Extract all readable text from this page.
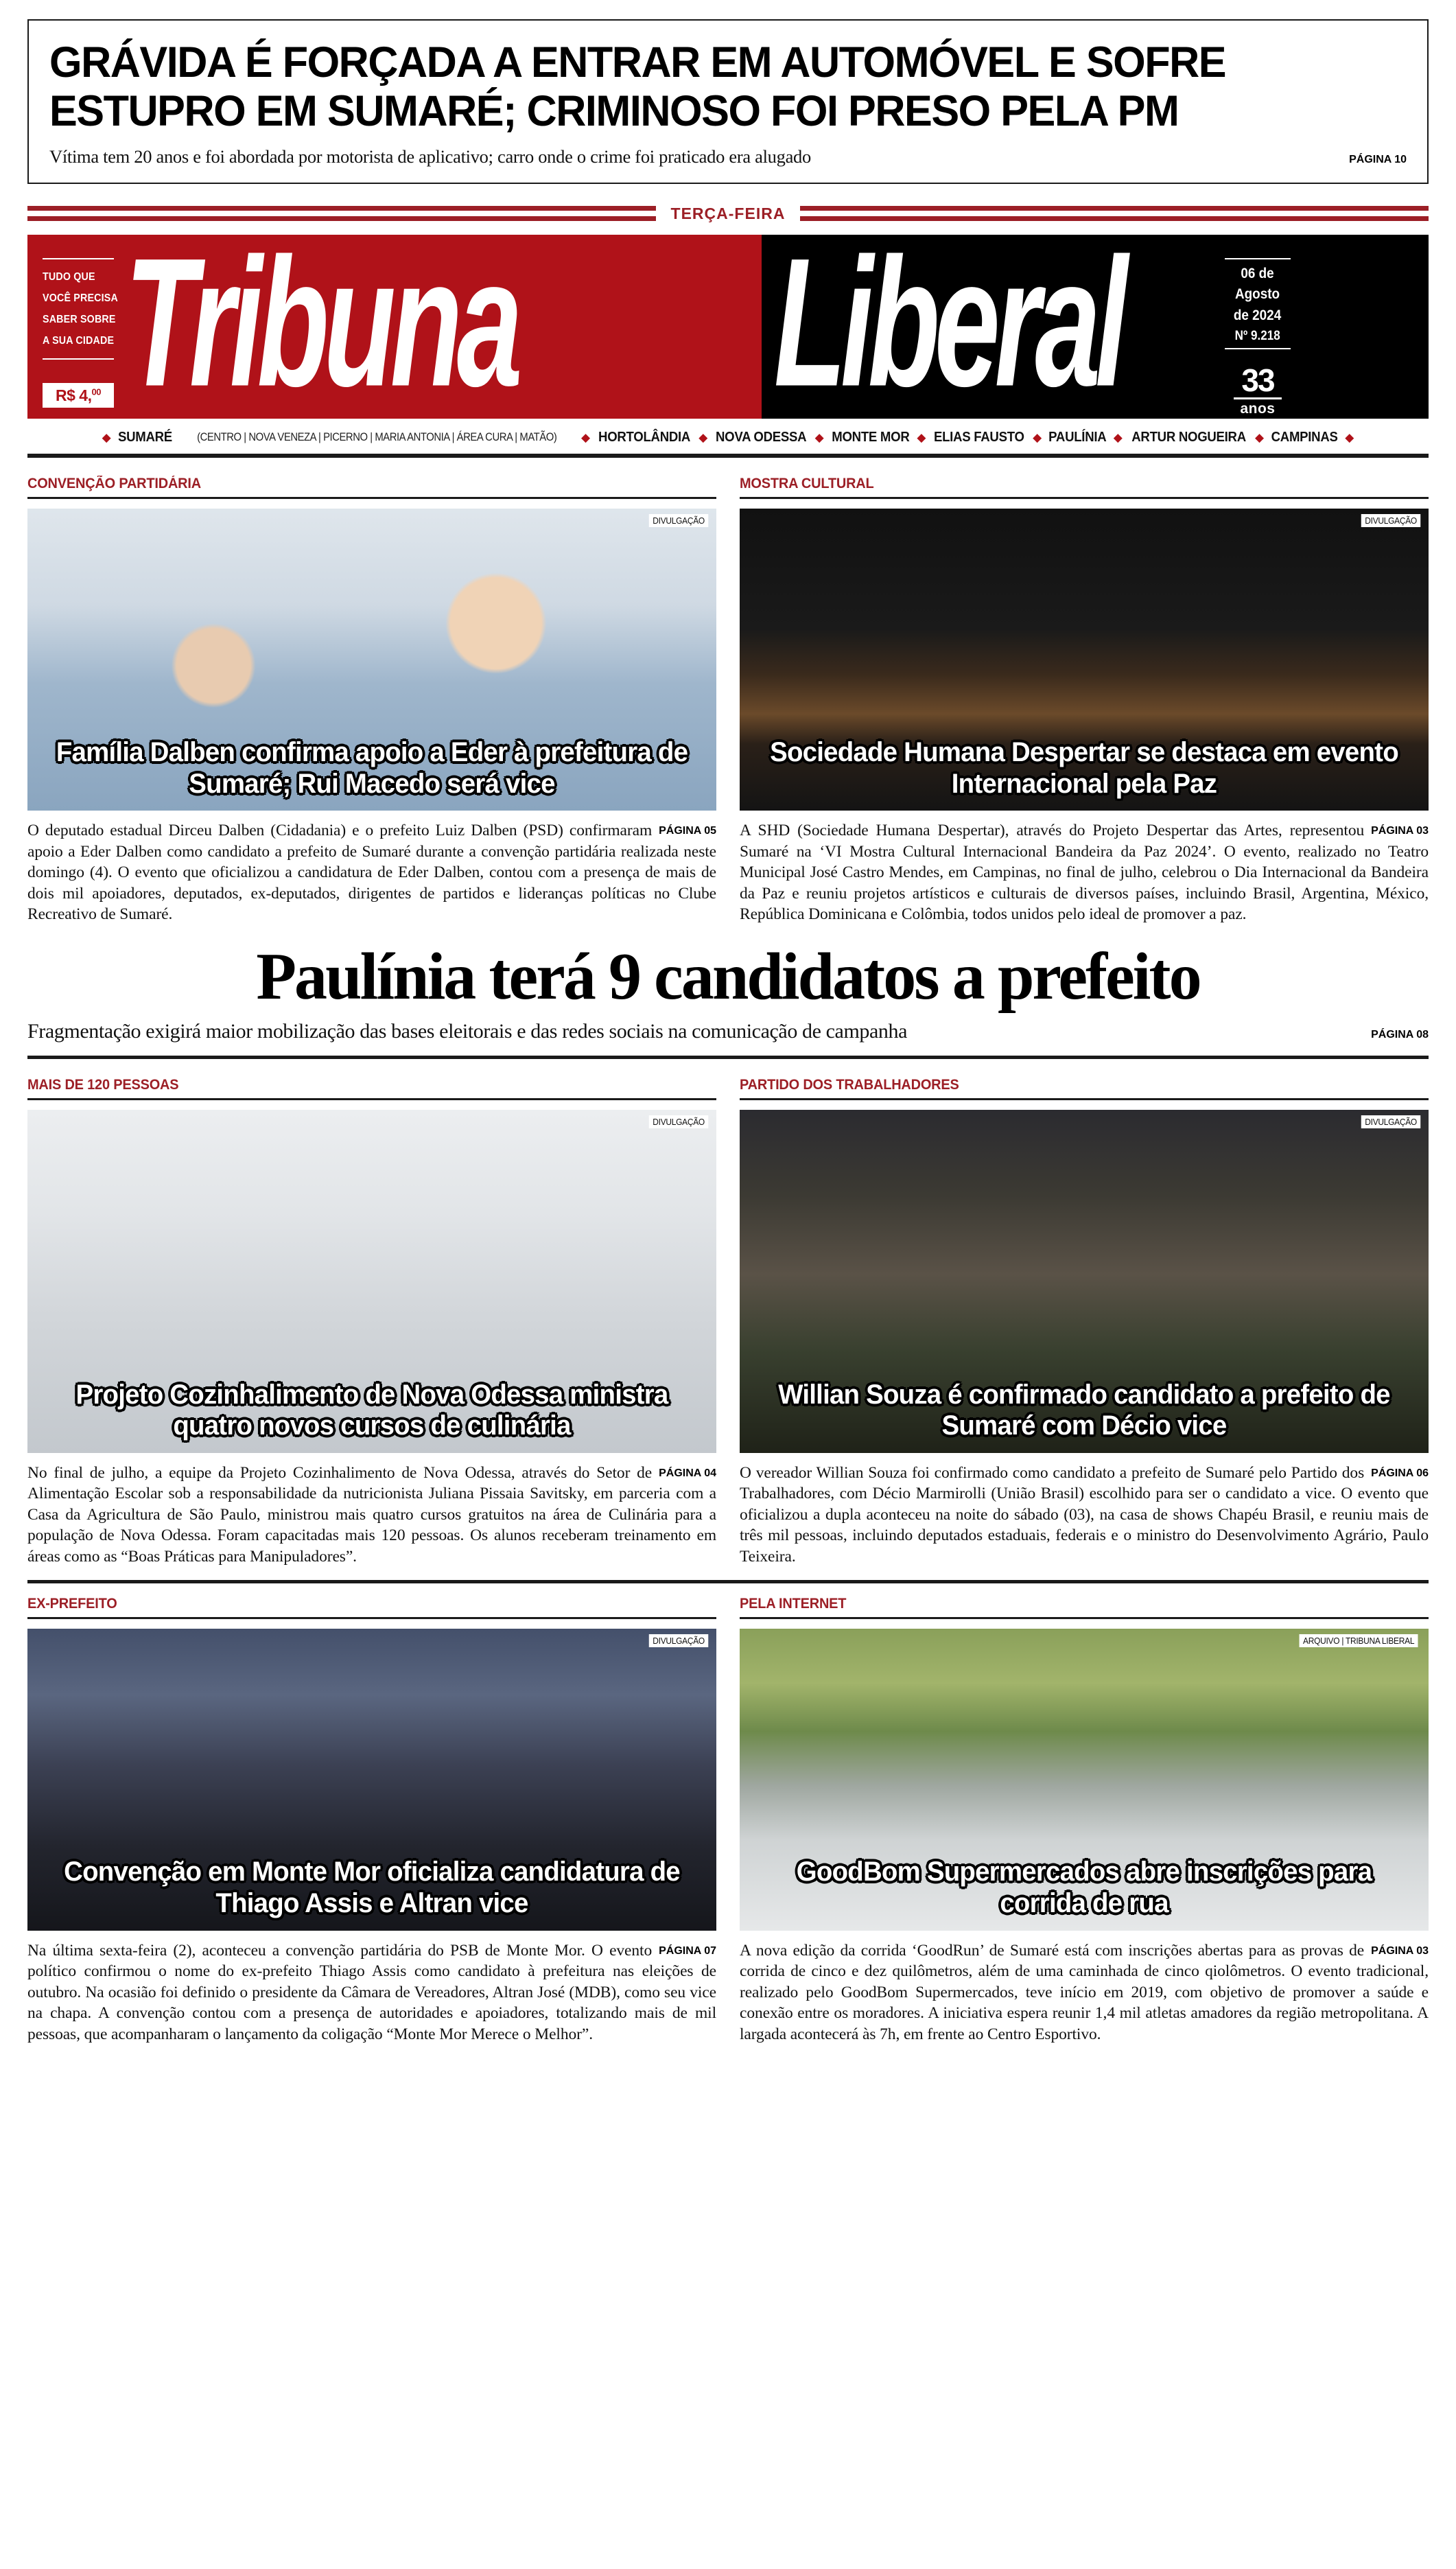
GRÁVIDA É FORÇADA A ENTRAR EM AUTOMÓVEL E SOFRE
ESTUPRO EM SUMARÉ; CRIMINOSO FOI PRESO PELA PM
Vítima tem 20 anos e foi abordada por motorista de aplicativo; carro onde o crime foi praticado era alugado	PÁGINA 10
TERÇA-FEIRA
TUDO QUE
VOCÊ PRECISA
SABER SOBRE
A SUA CIDADE
R$ 4,00 Tribuna	Liberal	06 de
Agosto
de 2024
Nº 9.218
33
anos
◆ SUMARÉ (CENTRO | NOVA VENEZA | PICERNO | MARIA ANTONIA | ÁREA CURA | MATÃO) ◆ HORTOLÂNDIA ◆ NOVA ODESSA ◆ MONTE MOR ◆ ELIAS FAUSTO ◆ PAULÍNIA ◆ ARTUR NOGUEIRA ◆ CAMPINAS ◆
CONVENÇÃO PARTIDÁRIA
DIVULGAÇÃO
Família Dalben confirma apoio a Eder à prefeitura de Sumaré; Rui Macedo será vice
PÁGINA 05
O deputado estadual Dirceu Dalben (Cidadania) e o prefeito Luiz Dalben (PSD) confirmaram apoio a Eder Dalben como candidato a prefeito de Sumaré durante a convenção partidária realizada neste domingo (4). O evento que oficializou a candidatura de Eder Dalben, contou com a presença de mais de dois mil apoiadores, deputados, ex-deputados, dirigentes de partidos e lideranças políticas no Clube Recreativo de Sumaré.
MOSTRA CULTURAL
DIVULGAÇÃO
Sociedade Humana Despertar se destaca em evento Internacional pela Paz
PÁGINA 03
A SHD (Sociedade Humana Despertar), através do Projeto Despertar das Artes, representou Sumaré na ‘VI Mostra Cultural Internacional Bandeira da Paz 2024’. O evento, realizado no Teatro Municipal José Castro Mendes, em Campinas, no final de julho, celebrou o Dia Internacional da Bandeira da Paz e reuniu projetos artísticos e culturais de diversos países, incluindo Brasil, Argentina, México, República Dominicana e Colômbia, todos unidos pelo ideal de promover a paz.
Paulínia terá 9 candidatos a prefeito
Fragmentação exigirá maior mobilização das bases eleitorais e das redes sociais na comunicação de campanha	PÁGINA 08
MAIS DE 120 PESSOAS
DIVULGAÇÃO
Projeto Cozinhalimento de Nova Odessa ministra quatro novos cursos de culinária
PÁGINA 04
No final de julho, a equipe da Projeto Cozinhalimento de Nova Odessa, através do Setor de Alimentação Escolar sob a responsabilidade da nutricionista Juliana Pissaia Savitsky, em parceria com a Casa da Agricultura de São Paulo, ministrou mais quatro cursos gratuitos na área de Culinária para a população de Nova Odessa. Foram capacitadas mais 120 pessoas. Os alunos receberam treinamento em áreas como as “Boas Práticas para Manipuladores”.
PARTIDO DOS TRABALHADORES
DIVULGAÇÃO
Willian Souza é confirmado candidato a prefeito de Sumaré com Décio vice
PÁGINA 06
O vereador Willian Souza foi confirmado como candidato a prefeito de Sumaré pelo Partido dos Trabalhadores, com Décio Marmirolli (União Brasil) escolhido para ser o candidato a vice. O evento que oficializou a dupla aconteceu na noite do sábado (03), na casa de shows Chapéu Brasil, e reuniu mais de três mil pessoas, incluindo deputados estaduais, federais e o ministro do Desenvolvimento Agrário, Paulo Teixeira.
EX-PREFEITO
DIVULGAÇÃO
Convenção em Monte Mor oficializa candidatura de Thiago Assis e Altran vice
PÁGINA 07
Na última sexta-feira (2), aconteceu a convenção partidária do PSB de Monte Mor. O evento político confirmou o nome do ex-prefeito Thiago Assis como candidato à prefeitura nas eleições de outubro. Na ocasião foi definido o presidente da Câmara de Vereadores, Altran José (MDB), como seu vice na chapa. A convenção contou com a presença de autoridades e apoiadores, totalizando mais de mil pessoas, que acompanharam o lançamento da coligação “Monte Mor Merece o Melhor”.
PELA INTERNET
ARQUIVO | TRIBUNA LIBERAL
GoodBom Supermercados abre inscrições para corrida de rua
PÁGINA 03
A nova edição da corrida ‘GoodRun’ de Sumaré está com inscrições abertas para as provas de corrida de cinco e dez quilômetros, além de uma caminhada de cinco qiolômetros. O evento tradicional, realizado pelo GoodBom Supermercados, teve início em 2019, com objetivo de promover a saúde e conexão entre os moradores. A iniciativa espera reunir 1,4 mil atletas amadores da região metropolitana. A largada acontecerá às 7h, em frente ao Centro Esportivo.
